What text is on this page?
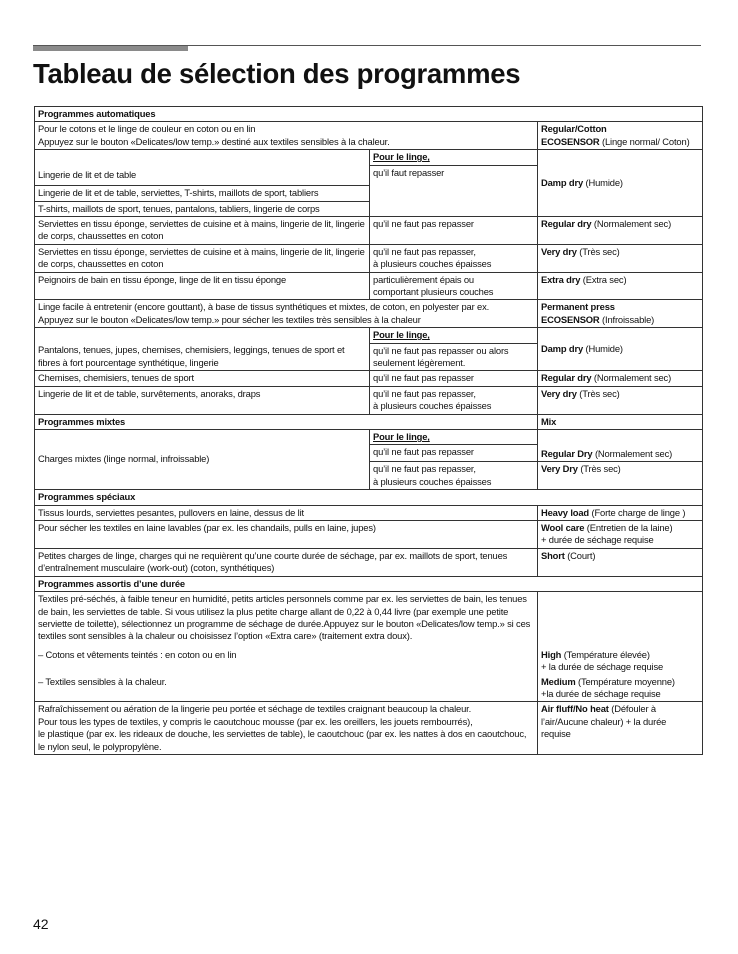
Tableau de sélection des programmes
Programmes automatiques		
Pour le cotons et le linge de couleur en coton ou en lin
Appuyez sur le bouton «Delicates/low temp.» destiné aux textiles sensibles à la chaleur.		Regular/Cotton
ECOSENSOR (Linge normal/ Coton)
	Pour le linge,	Damp dry (Humide)
Lingerie de lit et de table	qu’il faut repasser	
Lingerie de lit et de table, serviettes, T-shirts, maillots de sport, tabliers		
T-shirts, maillots de sport, tenues, pantalons, tabliers, lingerie de corps		
Serviettes en tissu éponge, serviettes de cuisine et à mains, lingerie de lit, lingerie de corps, chaussettes en coton	qu’il ne faut pas repasser	Regular dry (Normalement sec)
Serviettes en tissu éponge, serviettes de cuisine et à mains, lingerie de lit, lingerie de corps, chaussettes en coton	qu’il ne faut pas repasser,
à plusieurs couches épaisses	Very dry (Très sec)
Peignoirs de bain en tissu éponge, linge de lit en tissu éponge	particulièrement épais ou
comportant plusieurs couches	Extra dry (Extra sec)
Linge facile à entretenir (encore gouttant), à base de tissus synthétiques et mixtes, de coton, en polyester par ex.
Appuyez sur le bouton «Delicates/low temp.» pour sécher les textiles très sensibles à la chaleur		Permanent press
ECOSENSOR (Infroissable)
	Pour le linge,	Damp dry (Humide)
Pantalons, tenues, jupes, chemises, chemisiers, leggings, tenues de sport et fibres à fort pourcentage synthétique, lingerie	qu’il ne faut pas repasser ou alors seulement légèrement.	
Chemises, chemisiers, tenues de sport	qu’il ne faut pas repasser	Regular dry (Normalement sec)
Lingerie de lit et de table, survêtements, anoraks, draps	qu’il ne faut pas repasser,
à plusieurs couches épaisses	Very dry (Très sec)
Programmes mixtes		Mix
Charges mixtes (linge normal, infroissable)	Pour le linge,	
	qu’il ne faut pas repasser	Regular Dry (Normalement sec)
	qu’il ne faut pas repasser,
à plusieurs couches épaisses	Very Dry (Très sec)
Programmes spéciaux		
Tissus lourds, serviettes pesantes, pullovers en laine, dessus de lit		Heavy load (Forte charge de linge )
Pour sécher les textiles en laine lavables (par ex. les chandails, pulls en laine, jupes)		Wool care (Entretien de la laine)
+ durée de séchage requise
Petites charges de linge, charges qui ne requièrent qu’une courte durée de séchage, par ex. maillots de sport, tenues d’entraînement musculaire (work-out) (coton, synthétiques)		Short (Court)
Programmes assortis d’une durée		
Textiles pré-séchés, à faible teneur en humidité, petits articles personnels comme par ex. les serviettes de bain, les tenues de bain, les serviettes de table. Si vous utilisez la plus petite charge allant de 0,22 à 0,44 livre (par exemple une petite serviette de toilette), sélectionnez un programme de séchage de durée.Appuyez sur le bouton «Delicates/low temp.» si ces textiles sont sensibles à la chaleur ou choisissez l’option «Extra care» (traitement extra doux).		
– Cotons et vêtements teintés : en coton ou en lin		High (Température élevée)
+ la durée de séchage requise
– Textiles sensibles à la chaleur.		Medium (Température moyenne)
+la durée de séchage requise
Rafraîchissement ou aération de la lingerie peu portée et séchage de textiles craignant beaucoup la chaleur.
Pour tous les types de textiles, y compris le caoutchouc mousse (par ex. les oreillers, les jouets rembourrés),
le plastique (par ex. les rideaux de douche, les serviettes de table), le caoutchouc (par ex. les nattes à dos en caoutchouc, le nylon seul, le polypropylène.		Air fluff/No heat (Défouler à l’air/Aucune chaleur) + la durée requise
42
